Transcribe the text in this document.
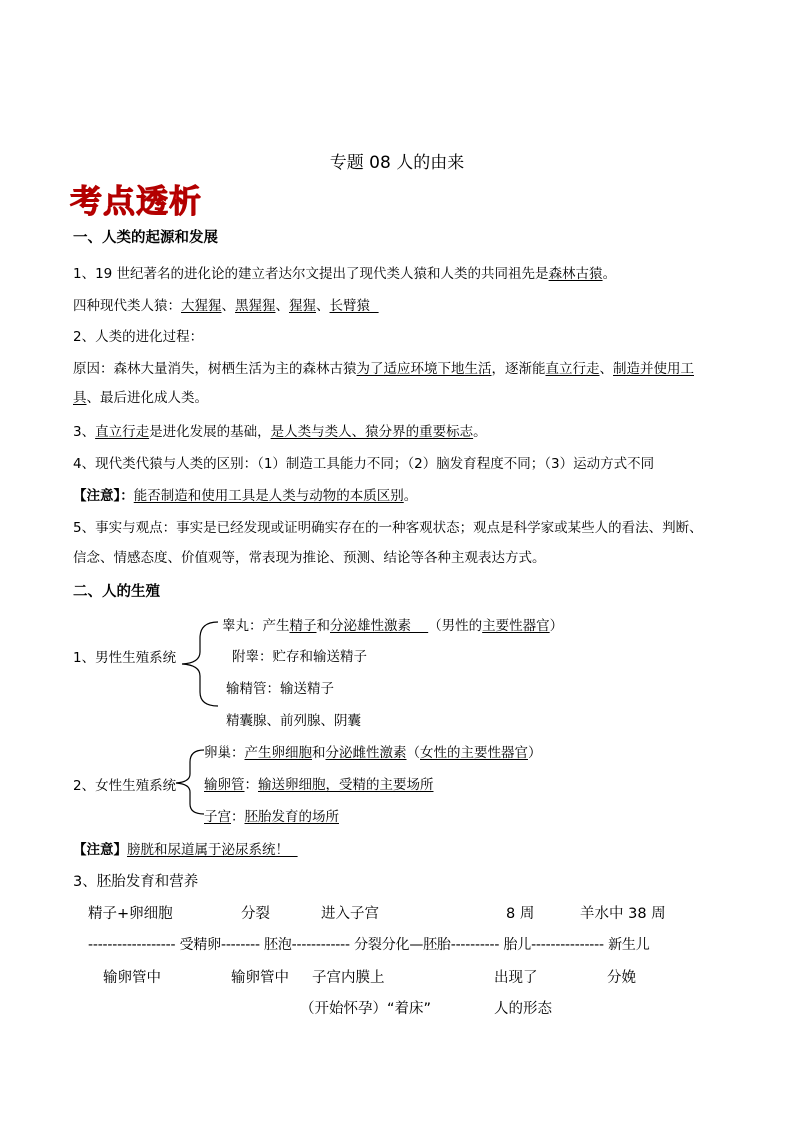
专题 08 人的由来
考点透析
一、人类的起源和发展
1、19 世纪著名的进化论的建立者达尔文提出了现代类人猿和人类的共同祖先是森林古猿。
四种现代类人猿：大猩猩、黑猩猩、猩猩、长臂猿
2、人类的进化过程：
原因：森林大量消失，树栖生活为主的森林古猿为了适应环境下地生活，逐渐能直立行走、制造并使用工
具、最后进化成人类。
3、直立行走是进化发展的基础，是人类与类人、猿分界的重要标志。
4、现代类代猿与人类的区别：（1）制造工具能力不同；（2）脑发育程度不同；（3）运动方式不同
【注意】：能否制造和使用工具是人类与动物的本质区别。
5、事实与观点：事实是已经发现或证明确实存在的一种客观状态；观点是科学家或某些人的看法、判断、
信念、情感态度、价值观等，常表现为推论、预测、结论等各种主观表达方式。
二、人的生殖
1、男性生殖系统
睾丸：产生精子和分泌雄性激素 （男性的主要性器官）
附睾：贮存和输送精子
输精管：输送精子
精囊腺、前列腺、阴囊
2、女性生殖系统
卵巢：产生卵细胞和分泌雌性激素（女性的主要性器官）
输卵管：输送卵细胞，受精的主要场所
子宫：胚胎发育的场所
【注意】膀胱和尿道属于泌尿系统！
3、胚胎发育和营养
精子+卵细胞	分裂	进入子宫	8 周	羊水中 38 周
------------------ 受精卵-------- 胚泡------------ 分裂分化—胚胎---------- 胎儿--------------- 新生儿
输卵管中	输卵管中 子宫内膜上	出现了	分娩
（开始怀孕）“着床”	人的形态
